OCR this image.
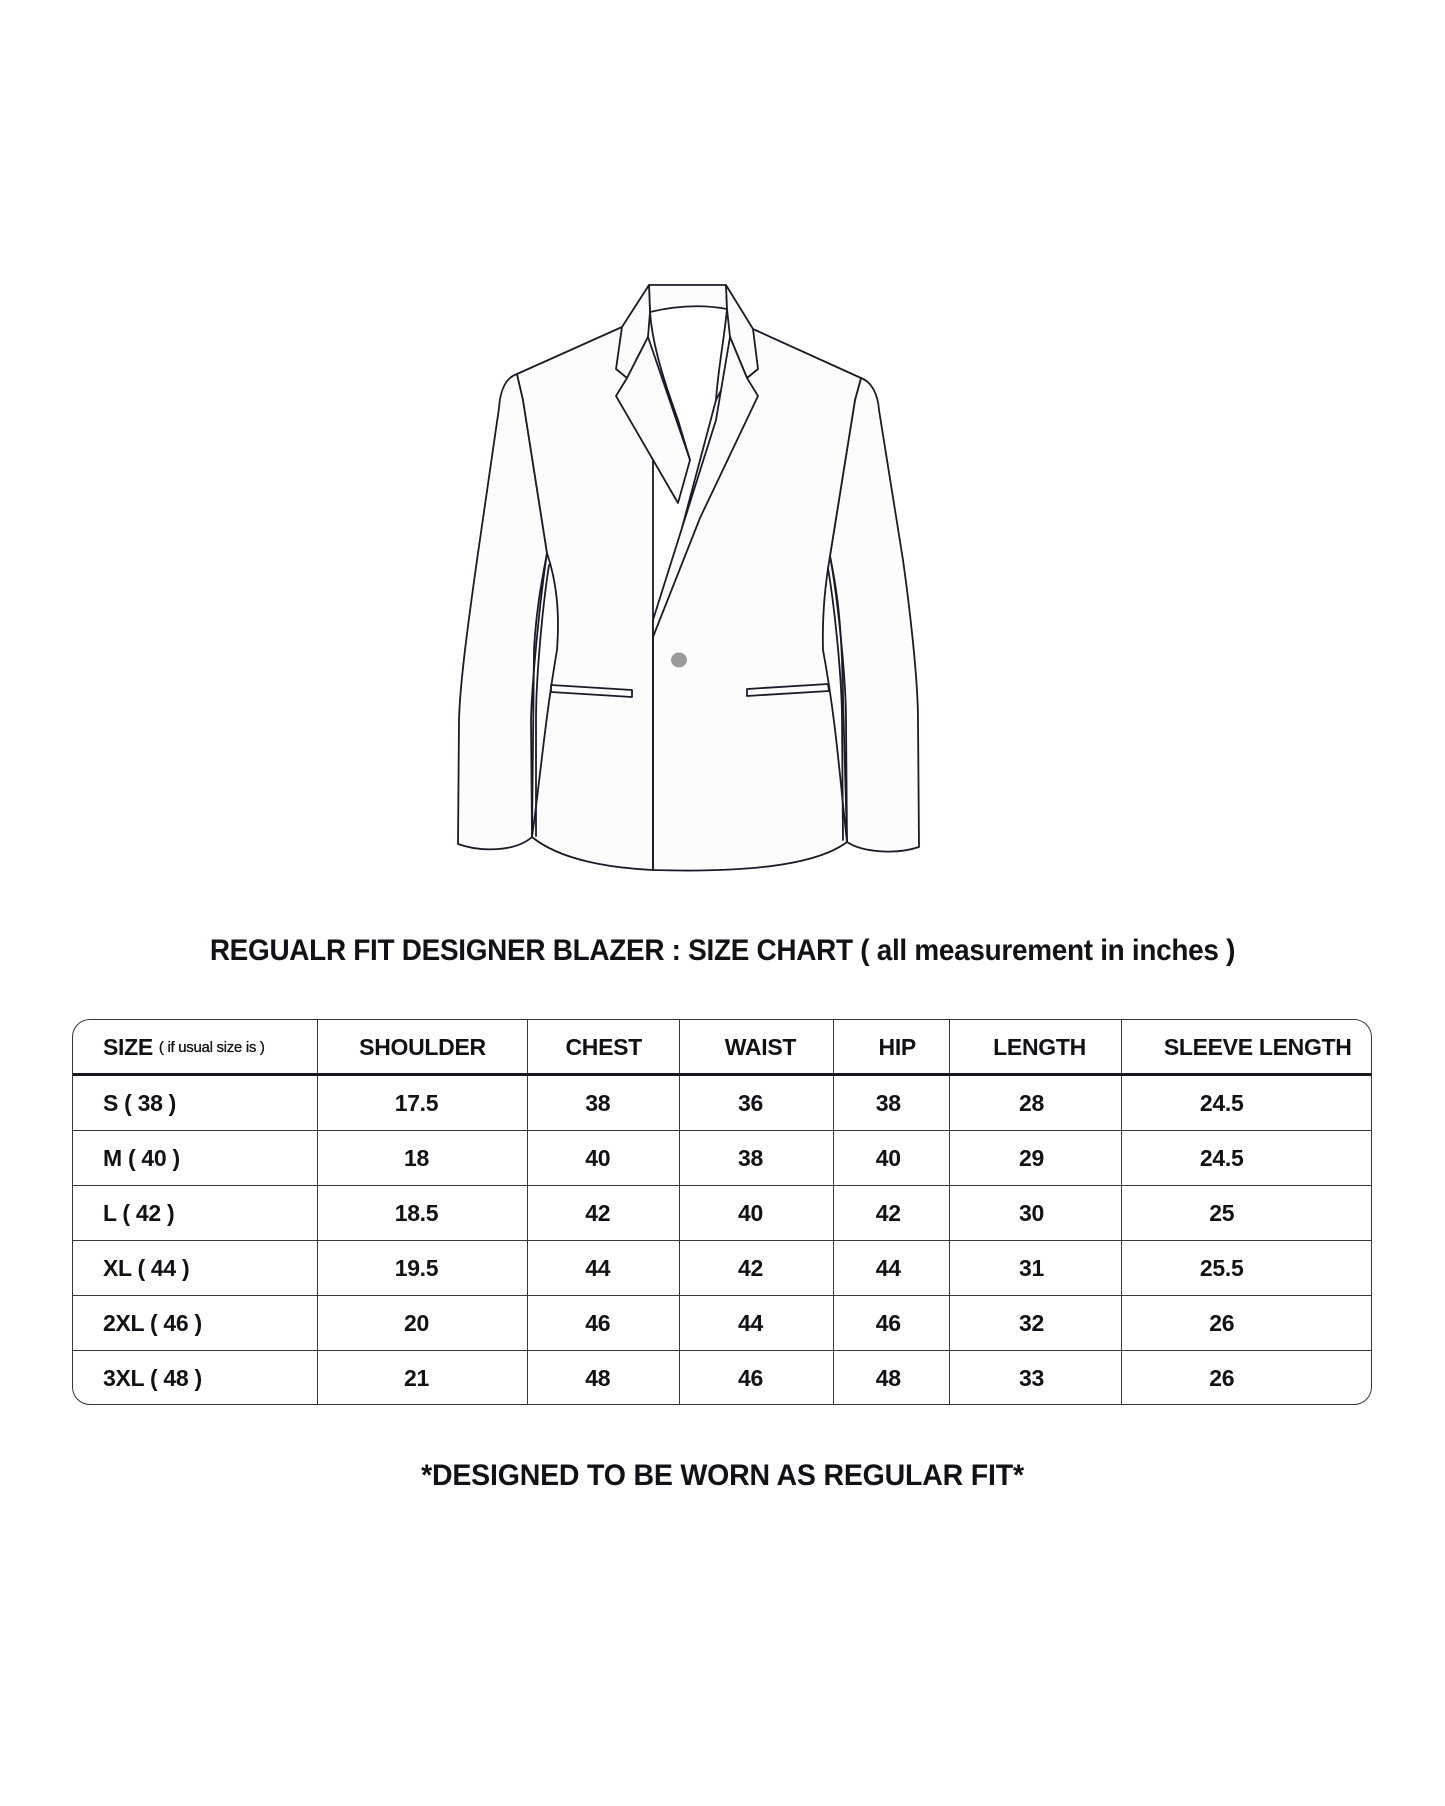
REGUALR FIT DESIGNER BLAZER : SIZE CHART ( all measurement in inches )
SIZE ( if usual size is )	SHOULDER	CHEST	WAIST	HIP	LENGTH	SLEEVE LENGTH
S ( 38 )	17.5	38	36	38	28	24.5
M ( 40 )	18	40	38	40	29	24.5
L ( 42 )	18.5	42	40	42	30	25
XL ( 44 )	19.5	44	42	44	31	25.5
2XL ( 46 )	20	46	44	46	32	26
3XL ( 48 )	21	48	46	48	33	26
*DESIGNED TO BE WORN AS REGULAR FIT*
